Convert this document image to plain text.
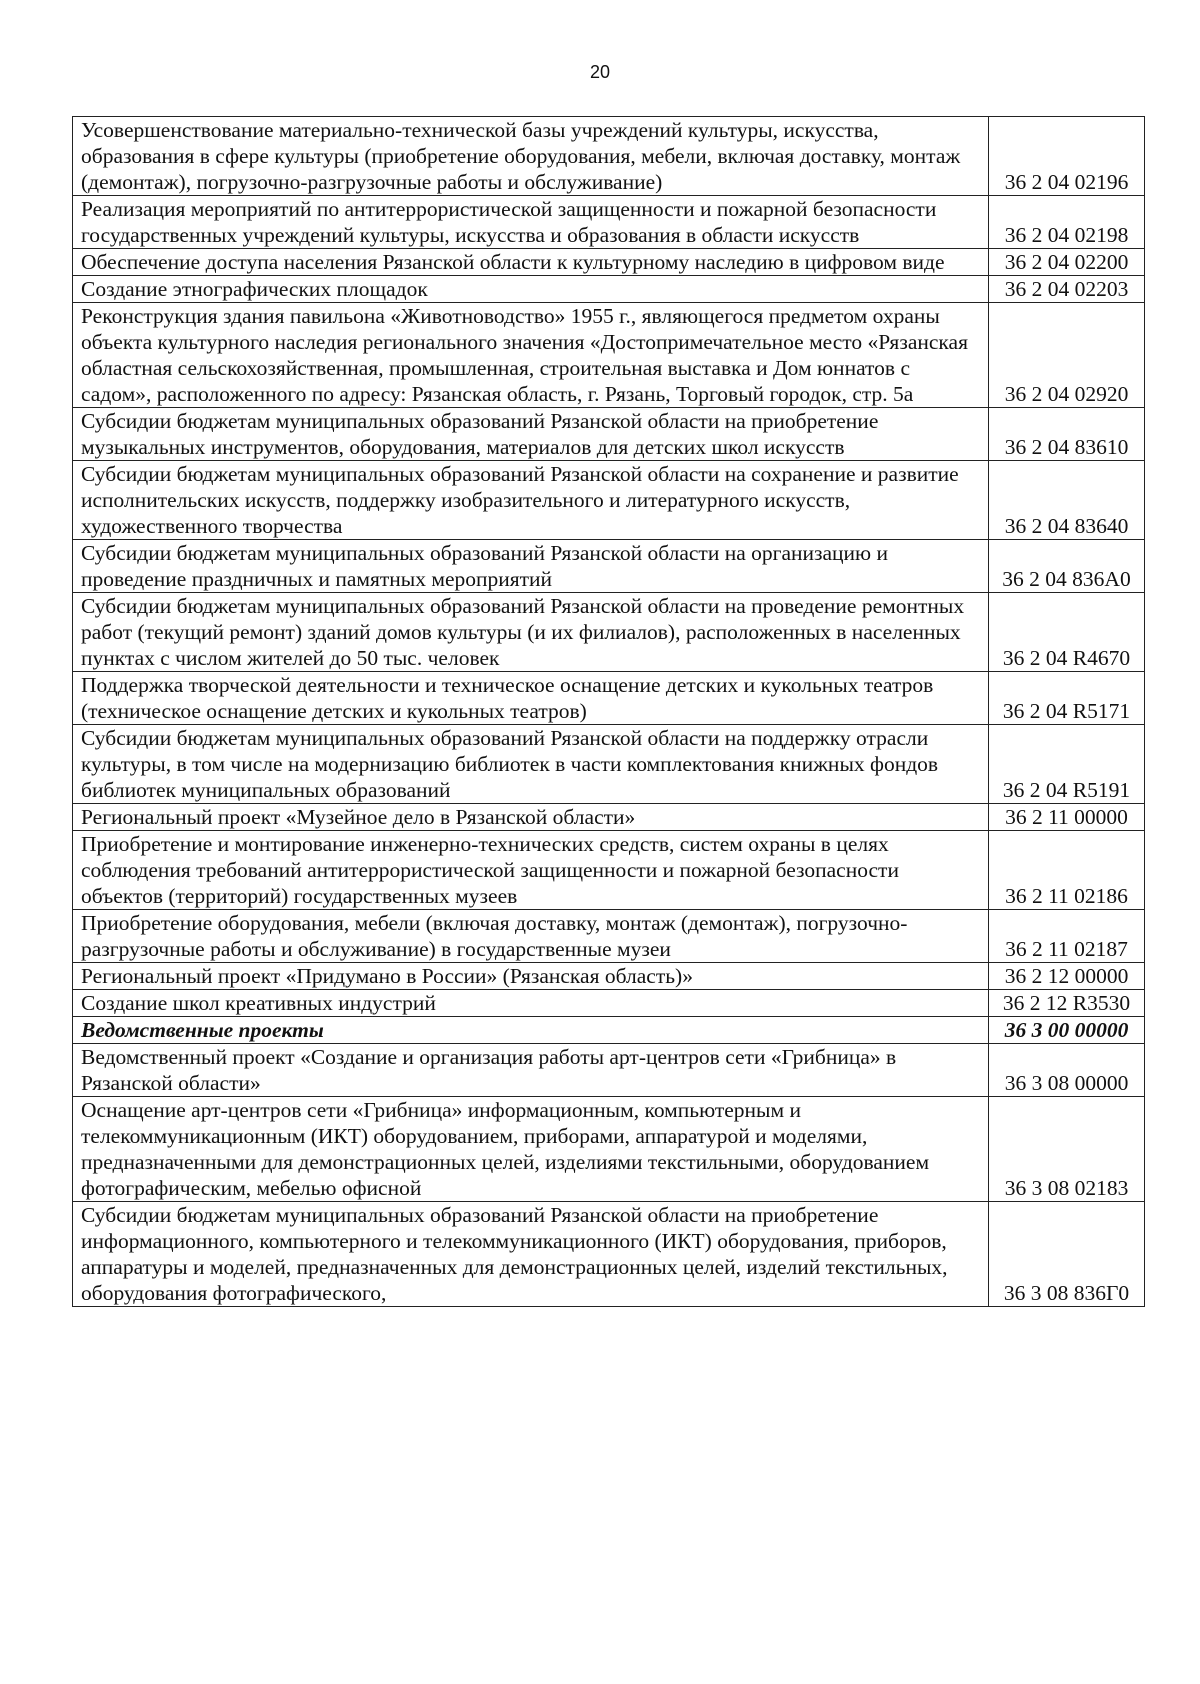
20
Усовершенствование материально-технической базы учреждений культуры, искусства, образования в сфере культуры (приобретение оборудования, мебели, включая доставку, монтаж (демонтаж), погрузочно-разгрузочные работы и обслуживание)	36 2 04 02196
Реализация мероприятий по антитеррористической защищенности и пожарной безопасности государственных учреждений культуры, искусства и образования в области искусств	36 2 04 02198
Обеспечение доступа населения Рязанской области к культурному наследию в цифровом виде	36 2 04 02200
Создание этнографических площадок	36 2 04 02203
Реконструкция здания павильона «Животноводство» 1955 г., являющегося предметом охраны объекта культурного наследия регионального значения «Достопримечательное место «Рязанская областная сельскохозяйственная, промышленная, строительная выставка и Дом юннатов с садом», расположенного по адресу: Рязанская область, г. Рязань, Торговый городок, стр. 5а	36 2 04 02920
Субсидии бюджетам муниципальных образований Рязанской области на приобретение музыкальных инструментов, оборудования, материалов для детских школ искусств	36 2 04 83610
Субсидии бюджетам муниципальных образований Рязанской области на сохранение и развитие исполнительских искусств, поддержку изобразительного и литературного искусств, художественного творчества	36 2 04 83640
Субсидии бюджетам муниципальных образований Рязанской области на организацию и проведение праздничных и памятных мероприятий	36 2 04 836А0
Субсидии бюджетам муниципальных образований Рязанской области на проведение ремонтных работ (текущий ремонт) зданий домов культуры (и их филиалов), расположенных в населенных пунктах с числом жителей до 50 тыс. человек	36 2 04 R4670
Поддержка творческой деятельности и техническое оснащение детских и кукольных театров (техническое оснащение детских и кукольных театров)	36 2 04 R5171
Субсидии бюджетам муниципальных образований Рязанской области на поддержку отрасли культуры, в том числе на модернизацию библиотек в части комплектования книжных фондов библиотек муниципальных образований	36 2 04 R5191
Региональный проект «Музейное дело в Рязанской области»	36 2 11 00000
Приобретение и монтирование инженерно-технических средств, систем охраны в целях соблюдения требований антитеррористической защищенности и пожарной безопасности объектов (территорий) государственных музеев	36 2 11 02186
Приобретение оборудования, мебели (включая доставку, монтаж (демонтаж), погрузочно-разгрузочные работы и обслуживание) в государственные музеи	36 2 11 02187
Региональный проект «Придумано в России» (Рязанская область)»	36 2 12 00000
Создание школ креативных индустрий	36 2 12 R3530
Ведомственные проекты	36 3 00 00000
Ведомственный проект «Создание и организация работы арт-центров сети «Грибница» в Рязанской области»	36 3 08 00000
Оснащение арт-центров сети «Грибница» информационным, компьютерным и телекоммуникационным (ИКТ) оборудованием, приборами, аппаратурой и моделями, предназначенными для демонстрационных целей, изделиями текстильными, оборудованием фотографическим, мебелью офисной	36 3 08 02183
Субсидии бюджетам муниципальных образований Рязанской области на приобретение информационного, компьютерного и телекоммуникационного (ИКТ) оборудования, приборов, аппаратуры и моделей, предназначенных для демонстрационных целей, изделий текстильных, оборудования фотографического,	36 3 08 836Г0
